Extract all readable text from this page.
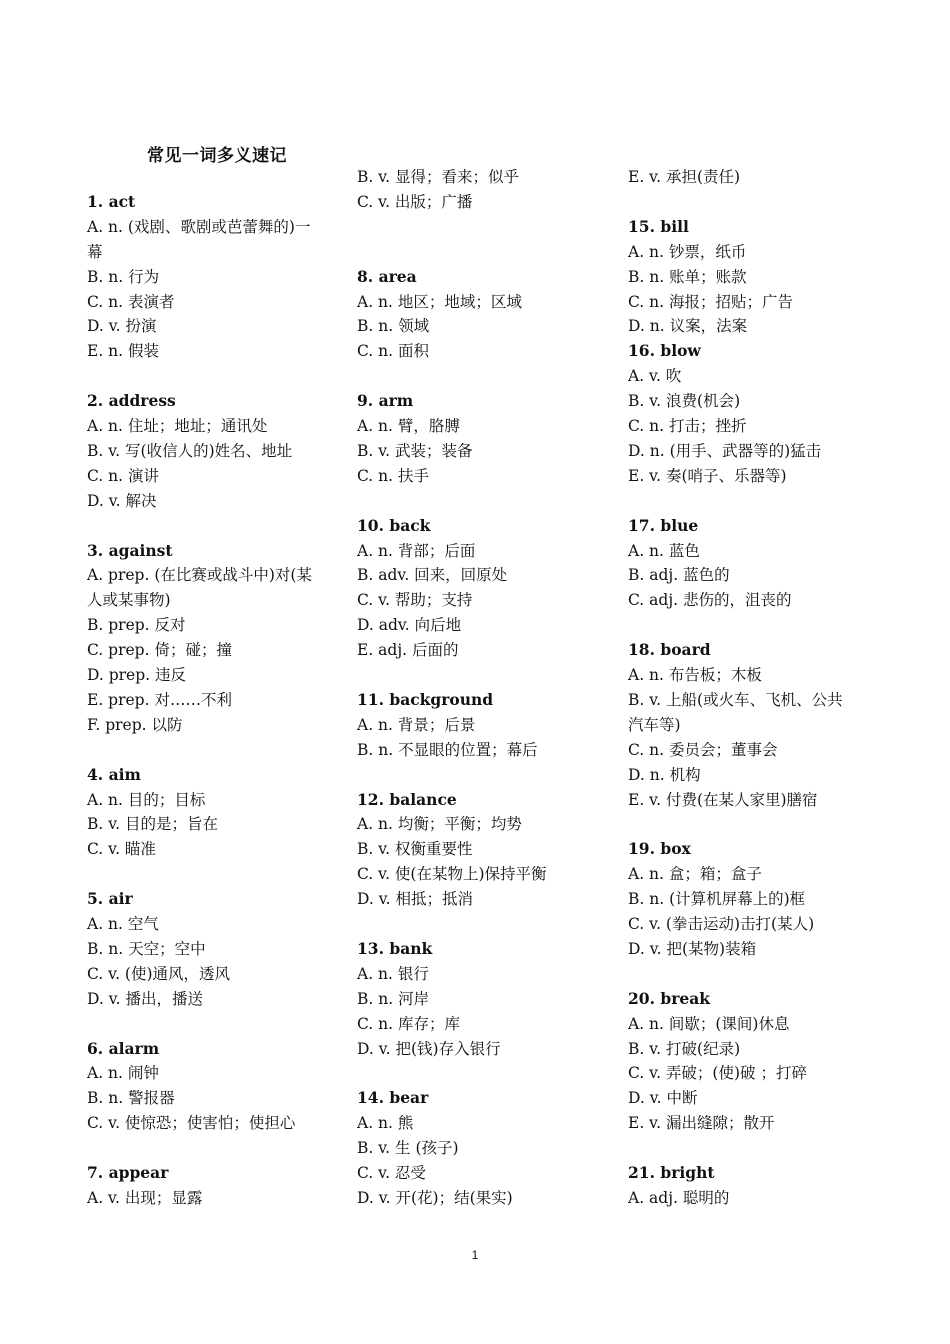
常见一词多义速记
1. act
A. n. (戏剧、歌剧或芭蕾舞的)一
幕
B. n. 行为
C. n. 表演者
D. v. 扮演
E. n. 假装
2. address
A. n. 住址；地址；通讯处
B. v. 写(收信人的)姓名、地址
C. n. 演讲
D. v. 解决
3. against
A. prep. (在比赛或战斗中)对(某
人或某事物)
B. prep. 反对
C. prep. 倚；碰；撞
D. prep. 违反
E. prep. 对……不利
F. prep. 以防
4. aim
A. n. 目的；目标
B. v. 目的是；旨在
C. v. 瞄准
5. air
A. n. 空气
B. n. 天空；空中
C. v. (使)通风，透风
D. v. 播出，播送
6. alarm
A. n. 闹钟
B. n. 警报器
C. v. 使惊恐；使害怕；使担心
7. appear
A. v. 出现；显露
B. v. 显得；看来；似乎
C. v. 出版；广播
8. area
A. n. 地区；地域；区域
B. n. 领域
C. n. 面积
9. arm
A. n. 臂，胳膊
B. v. 武装；装备
C. n. 扶手
10. back
A. n. 背部；后面
B. adv. 回来，回原处
C. v. 帮助；支持
D. adv. 向后地
E. adj. 后面的
11. background
A. n. 背景；后景
B. n. 不显眼的位置；幕后
12. balance
A. n. 均衡；平衡；均势
B. v. 权衡重要性
C. v. 使(在某物上)保持平衡
D. v. 相抵；抵消
13. bank
A. n. 银行
B. n. 河岸
C. n. 库存；库
D. v. 把(钱)存入银行
14. bear
A. n. 熊
B. v. 生 (孩子)
C. v. 忍受
D. v. 开(花)；结(果实)
E. v. 承担(责任)
15. bill
A. n. 钞票，纸币
B. n. 账单；账款
C. n. 海报；招贴；广告
D. n. 议案，法案
16. blow
A. v. 吹
B. v. 浪费(机会)
C. n. 打击；挫折
D. n. (用手、武器等的)猛击
E. v. 奏(哨子、乐器等)
17. blue
A. n. 蓝色
B. adj. 蓝色的
C. adj. 悲伤的，沮丧的
18. board
A. n. 布告板；木板
B. v. 上船(或火车、飞机、公共
汽车等)
C. n. 委员会；董事会
D. n. 机构
E. v. 付费(在某人家里)膳宿
19. box
A. n. 盒；箱；盒子
B. n. (计算机屏幕上的)框
C. v. (拳击运动)击打(某人)
D. v. 把(某物)装箱
20. break
A. n. 间歇；(课间)休息
B. v. 打破(纪录)
C. v. 弄破；(使)破 ；打碎
D. v. 中断
E. v. 漏出缝隙；散开
21. bright
A. adj. 聪明的
1
